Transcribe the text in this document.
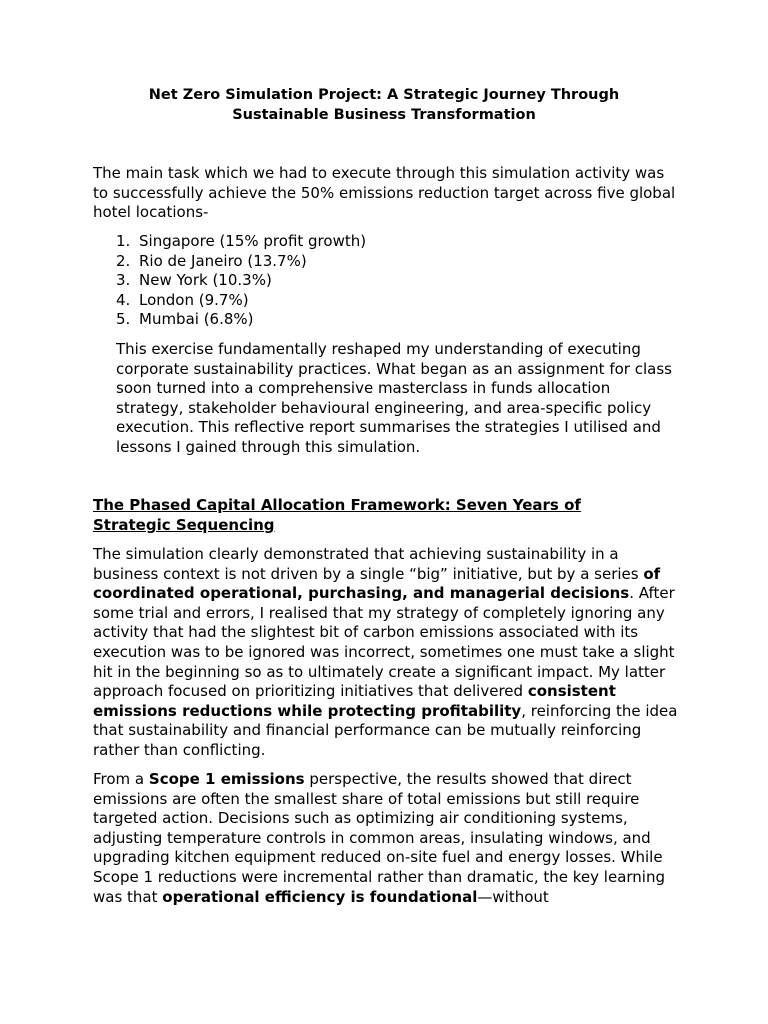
Net Zero Simulation Project: A Strategic Journey Through
Sustainable Business Transformation
The main task which we had to execute through this simulation activity was to successfully achieve the 50% emissions reduction target across five global hotel locations-
1. Singapore (15% profit growth)
2. Rio de Janeiro (13.7%)
3. New York (10.3%)
4. London (9.7%)
5. Mumbai (6.8%)
This exercise fundamentally reshaped my understanding of executing corporate sustainability practices. What began as an assignment for class soon turned into a comprehensive masterclass in funds allocation strategy, stakeholder behavioural engineering, and area-specific policy execution. This reflective report summarises the strategies I utilised and lessons I gained through this simulation.
The Phased Capital Allocation Framework: Seven Years of
Strategic Sequencing
The simulation clearly demonstrated that achieving sustainability in a business context is not driven by a single “big” initiative, but by a series of coordinated operational, purchasing, and managerial decisions. After some trial and errors, I realised that my strategy of completely ignoring any activity that had the slightest bit of carbon emissions associated with its execution was to be ignored was incorrect, sometimes one must take a slight hit in the beginning so as to ultimately create a significant impact. My latter approach focused on prioritizing initiatives that delivered consistent emissions reductions while protecting profitability, reinforcing the idea that sustainability and financial performance can be mutually reinforcing rather than conflicting.
From a Scope 1 emissions perspective, the results showed that direct emissions are often the smallest share of total emissions but still require targeted action. Decisions such as optimizing air conditioning systems, adjusting temperature controls in common areas, insulating windows, and upgrading kitchen equipment reduced on-site fuel and energy losses. While Scope 1 reductions were incremental rather than dramatic, the key learning was that operational efficiency is foundational—without
